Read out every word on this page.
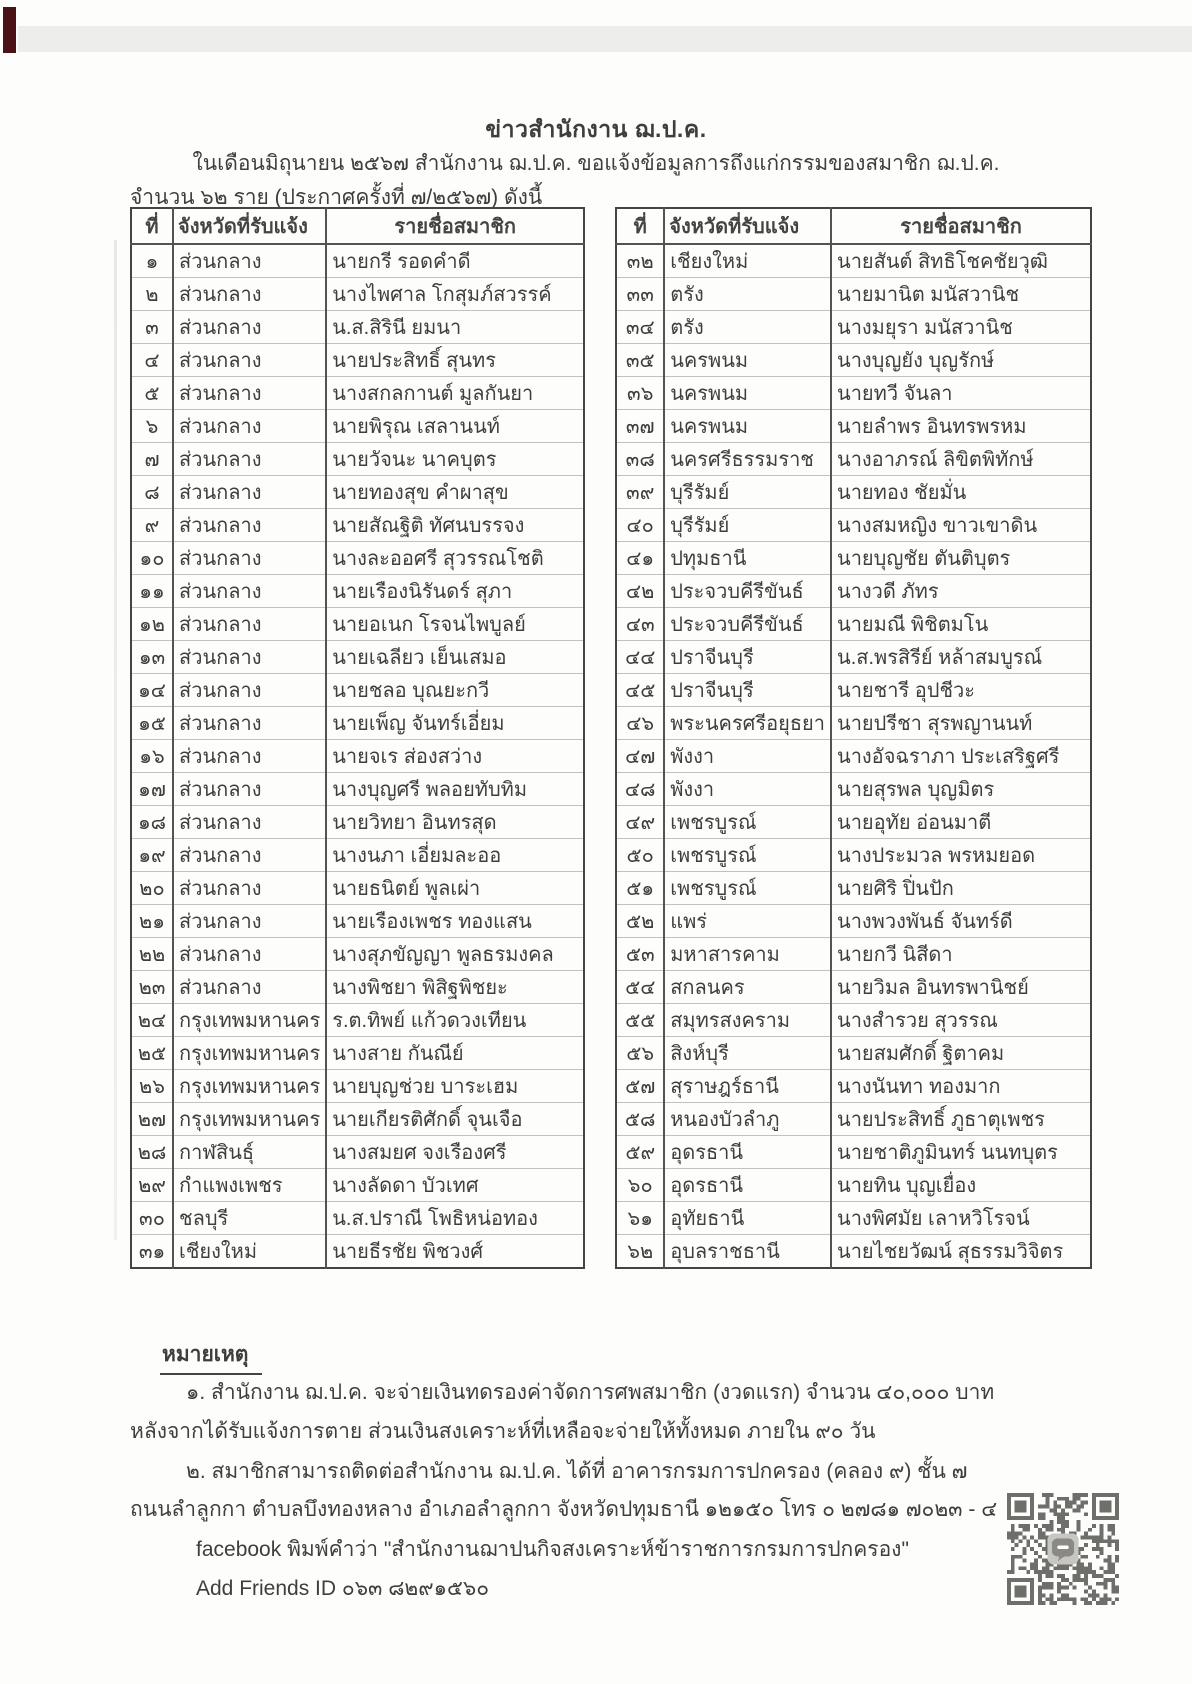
ข่าวสำนักงาน ฌ.ป.ค.
ในเดือนมิถุนายน ๒๕๖๗ สำนักงาน ฌ.ป.ค. ขอแจ้งข้อมูลการถึงแก่กรรมของสมาชิก ฌ.ป.ค.
จำนวน ๖๒ ราย (ประกาศครั้งที่ ๗/๒๕๖๗) ดังนี้
ที่	จังหวัดที่รับแจ้ง	รายชื่อสมาชิก
๑	ส่วนกลาง	นายกรี รอดคำดี
๒	ส่วนกลาง	นางไพศาล โกสุมภ์สวรรค์
๓	ส่วนกลาง	น.ส.สิรินี ยมนา
๔	ส่วนกลาง	นายประสิทธิ์ สุนทร
๕	ส่วนกลาง	นางสกลกานต์ มูลกันยา
๖	ส่วนกลาง	นายพิรุณ เสลานนท์
๗	ส่วนกลาง	นายวัจนะ นาคบุตร
๘	ส่วนกลาง	นายทองสุข คำผาสุข
๙	ส่วนกลาง	นายสัณฐิติ ทัศนบรรจง
๑๐	ส่วนกลาง	นางละออศรี สุวรรณโชติ
๑๑	ส่วนกลาง	นายเรืองนิรันดร์ สุภา
๑๒	ส่วนกลาง	นายอเนก โรจนไพบูลย์
๑๓	ส่วนกลาง	นายเฉลียว เย็นเสมอ
๑๔	ส่วนกลาง	นายชลอ บุณยะกวี
๑๕	ส่วนกลาง	นายเพ็ญ จันทร์เอี่ยม
๑๖	ส่วนกลาง	นายจเร ส่องสว่าง
๑๗	ส่วนกลาง	นางบุญศรี พลอยทับทิม
๑๘	ส่วนกลาง	นายวิทยา อินทรสุด
๑๙	ส่วนกลาง	นางนภา เอี่ยมละออ
๒๐	ส่วนกลาง	นายธนิตย์ พูลเผ่า
๒๑	ส่วนกลาง	นายเรืองเพชร ทองแสน
๒๒	ส่วนกลาง	นางสุภขัญญา พูลธรมงคล
๒๓	ส่วนกลาง	นางพิชยา พิสิฐพิชยะ
๒๔	กรุงเทพมหานคร	ร.ต.ทิพย์ แก้วดวงเทียน
๒๕	กรุงเทพมหานคร	นางสาย กันณีย์
๒๖	กรุงเทพมหานคร	นายบุญช่วย บาระเฮม
๒๗	กรุงเทพมหานคร	นายเกียรติศักดิ์ จุนเจือ
๒๘	กาฬสินธุ์	นางสมยศ จงเรืองศรี
๒๙	กำแพงเพชร	นางลัดดา บัวเทศ
๓๐	ชลบุรี	น.ส.ปราณี โพธิหน่อทอง
๓๑	เชียงใหม่	นายธีรชัย พิชวงศ์
ที่	จังหวัดที่รับแจ้ง	รายชื่อสมาชิก
๓๒	เชียงใหม่	นายสันต์ สิทธิโชคชัยวุฒิ
๓๓	ตรัง	นายมานิต มนัสวานิช
๓๔	ตรัง	นางมยุรา มนัสวานิช
๓๕	นครพนม	นางบุญยัง บุญรักษ์
๓๖	นครพนม	นายทวี จันลา
๓๗	นครพนม	นายลำพร อินทรพรหม
๓๘	นครศรีธรรมราช	นางอาภรณ์ ลิขิตพิทักษ์
๓๙	บุรีรัมย์	นายทอง ชัยมั่น
๔๐	บุรีรัมย์	นางสมหญิง ขาวเขาดิน
๔๑	ปทุมธานี	นายบุญชัย ตันติบุตร
๔๒	ประจวบคีรีขันธ์	นางวดี ภัทร
๔๓	ประจวบคีรีขันธ์	นายมณี พิชิตมโน
๔๔	ปราจีนบุรี	น.ส.พรสิรีย์ หล้าสมบูรณ์
๔๕	ปราจีนบุรี	นายชารี อุปชีวะ
๔๖	พระนครศรีอยุธยา	นายปรีชา สุรพญานนท์
๔๗	พังงา	นางอัจฉราภา ประเสริฐศรี
๔๘	พังงา	นายสุรพล บุญมิตร
๔๙	เพชรบูรณ์	นายอุทัย อ่อนมาตี
๕๐	เพชรบูรณ์	นางประมวล พรหมยอด
๕๑	เพชรบูรณ์	นายศิริ ปิ่นปัก
๕๒	แพร่	นางพวงพันธ์ จันทร์ดี
๕๓	มหาสารคาม	นายกวี นิสีดา
๕๔	สกลนคร	นายวิมล อินทรพานิชย์
๕๕	สมุทรสงคราม	นางสำรวย สุวรรณ
๕๖	สิงห์บุรี	นายสมศักดิ์ ฐิตาคม
๕๗	สุราษฎร์ธานี	นางนันทา ทองมาก
๕๘	หนองบัวลำภู	นายประสิทธิ์ ภูธาตุเพชร
๕๙	อุดรธานี	นายชาติภูมินทร์ นนทบุตร
๖๐	อุดรธานี	นายทิน บุญเยื่อง
๖๑	อุทัยธานี	นางพิศมัย เลาหวิโรจน์
๖๒	อุบลราชธานี	นายไชยวัฒน์ สุธรรมวิจิตร
หมายเหตุ
๑. สำนักงาน ฌ.ป.ค. จะจ่ายเงินทดรองค่าจัดการศพสมาชิก (งวดแรก) จำนวน ๔๐,๐๐๐ บาท
หลังจากได้รับแจ้งการตาย ส่วนเงินสงเคราะห์ที่เหลือจะจ่ายให้ทั้งหมด ภายใน ๙๐ วัน
๒. สมาชิกสามารถติดต่อสำนักงาน ฌ.ป.ค. ได้ที่ อาคารกรมการปกครอง (คลอง ๙) ชั้น ๗
ถนนลำลูกกา ตำบลบึงทองหลาง อำเภอลำลูกกา จังหวัดปทุมธานี ๑๒๑๕๐ โทร ๐ ๒๗๘๑ ๗๐๒๓ - ๔
facebook พิมพ์คำว่า "สำนักงานฌาปนกิจสงเคราะห์ข้าราชการกรมการปกครอง"
Add Friends ID ๐๖๓ ๘๒๙๑๕๖๐
